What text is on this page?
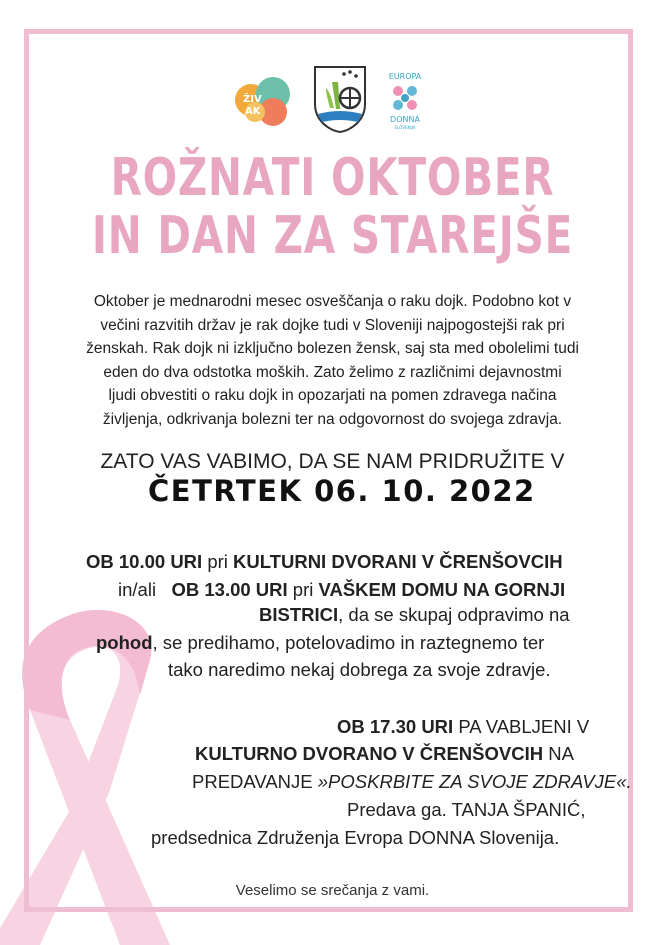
ŽIV
AK
EUROPA
DONNA
SLOVENIJA
ROŽNATI OKTOBER
IN DAN ZA STAREJŠE
Oktober je mednarodni mesec osveščanja o raku dojk. Podobno kot v
večini razvitih držav je rak dojke tudi v Sloveniji najpogostejši rak pri
ženskah. Rak dojk ni izključno bolezen žensk, saj sta med obolelimi tudi
eden do dva odstotka moških. Zato želimo z različnimi dejavnostmi
ljudi obvestiti o raku dojk in opozarjati na pomen zdravega načina
življenja, odkrivanja bolezni ter na odgovornost do svojega zdravja.
ZATO VAS VABIMO, DA SE NAM PRIDRUŽITE V
ČETRTEK 06. 10. 2022
OB 10.00 URI pri KULTURNI DVORANI V ČRENŠOVCIH
in/ali OB 13.00 URI pri VAŠKEM DOMU NA GORNJI
BISTRICI, da se skupaj odpravimo na
pohod, se predihamo, potelovadimo in raztegnemo ter
tako naredimo nekaj dobrega za svoje zdravje.
OB 17.30 URI PA VABLJENI V
KULTURNO DVORANO V ČRENŠOVCIH NA
PREDAVANJE »POSKRBITE ZA SVOJE ZDRAVJE«.
Predava ga. TANJA ŠPANIĆ,
predsednica Združenja Evropa DONNA Slovenija.
Veselimo se srečanja z vami.
